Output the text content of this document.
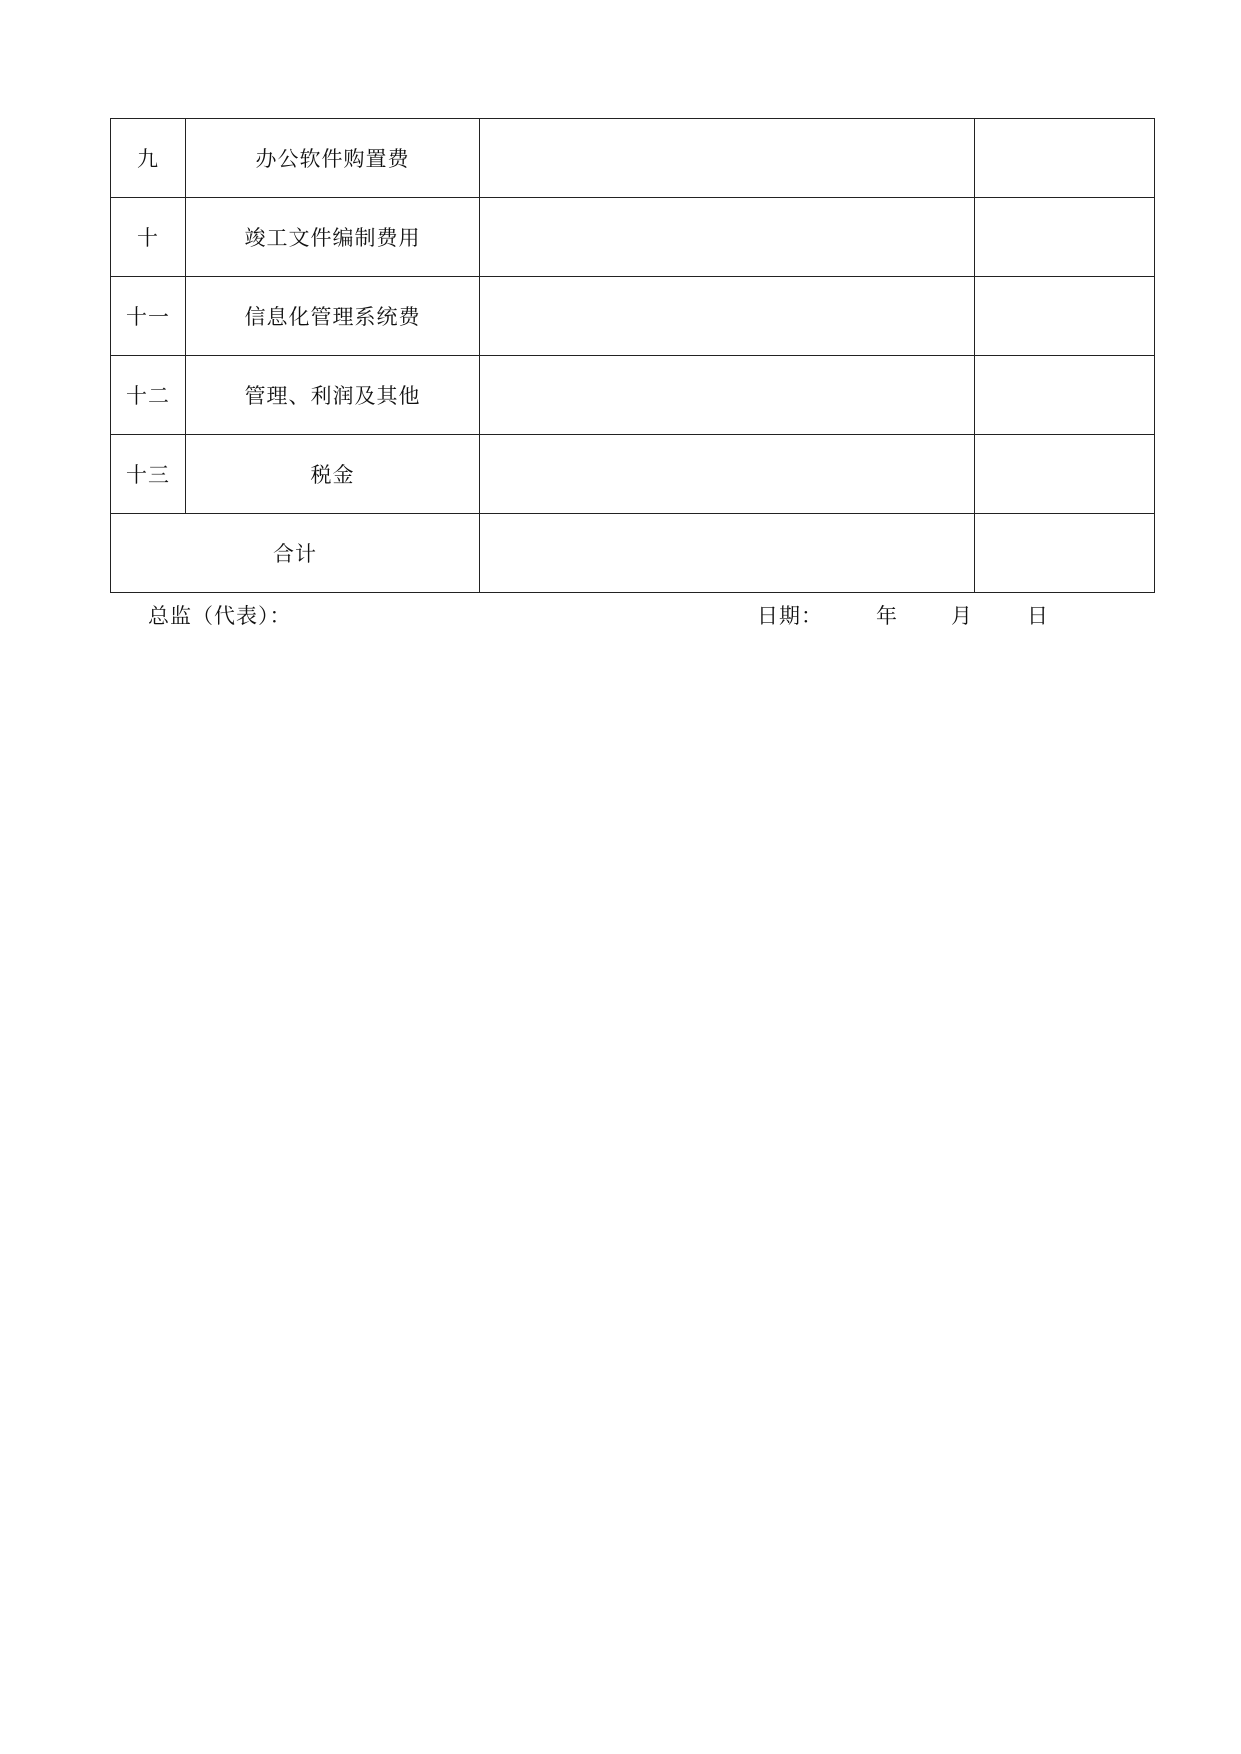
九	办公软件购置费		
十	竣工文件编制费用		
十一	信息化管理系统费		
十二	管理、利润及其他		
十三	税金		
合计			
总监（代表）：	日期：	年	月	日
